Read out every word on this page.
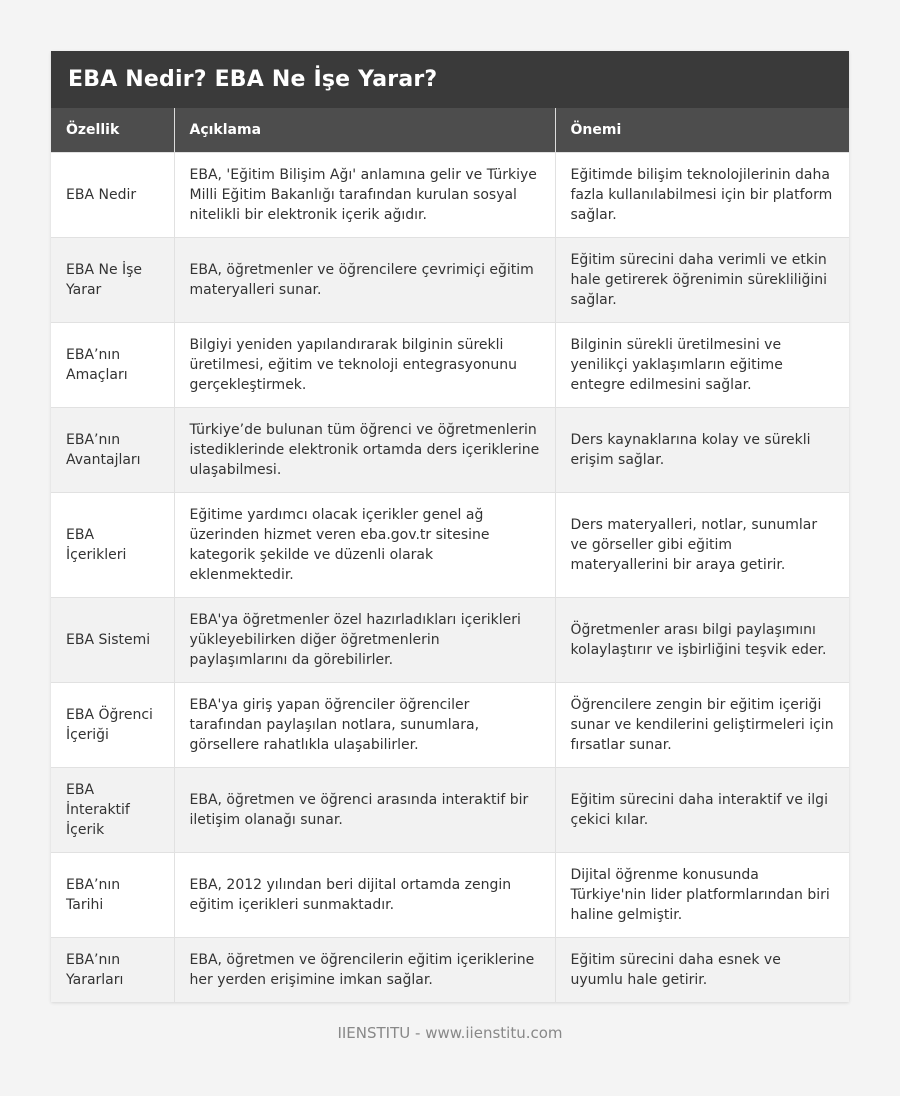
EBA Nedir? EBA Ne İşe Yarar?
Özellik	Açıklama	Önemi
EBA Nedir	EBA, 'Eğitim Bilişim Ağı' anlamına gelir ve Türkiye Milli Eğitim Bakanlığı tarafından kurulan sosyal nitelikli bir elektronik içerik ağıdır.	Eğitimde bilişim teknolojilerinin daha fazla kullanılabilmesi için bir platform sağlar.
EBA Ne İşe Yarar	EBA, öğretmenler ve öğrencilere çevrimiçi eğitim materyalleri sunar.	Eğitim sürecini daha verimli ve etkin hale getirerek öğrenimin sürekliliğini sağlar.
EBA’nın Amaçları	Bilgiyi yeniden yapılandırarak bilginin sürekli üretilmesi, eğitim ve teknoloji entegrasyonunu gerçekleştirmek.	Bilginin sürekli üretilmesini ve yenilikçi yaklaşımların eğitime entegre edilmesini sağlar.
EBA’nın Avantajları	Türkiye’de bulunan tüm öğrenci ve öğretmenlerin istediklerinde elektronik ortamda ders içeriklerine ulaşabilmesi.	Ders kaynaklarına kolay ve sürekli erişim sağlar.
EBA İçerikleri	Eğitime yardımcı olacak içerikler genel ağ üzerinden hizmet veren eba.gov.tr sitesine kategorik şekilde ve düzenli olarak eklenmektedir.	Ders materyalleri, notlar, sunumlar ve görseller gibi eğitim materyallerini bir araya getirir.
EBA Sistemi	EBA'ya öğretmenler özel hazırladıkları içerikleri yükleyebilirken diğer öğretmenlerin paylaşımlarını da görebilirler.	Öğretmenler arası bilgi paylaşımını kolaylaştırır ve işbirliğini teşvik eder.
EBA Öğrenci İçeriği	EBA'ya giriş yapan öğrenciler öğrenciler tarafından paylaşılan notlara, sunumlara, görsellere rahatlıkla ulaşabilirler.	Öğrencilere zengin bir eğitim içeriği sunar ve kendilerini geliştirmeleri için fırsatlar sunar.
EBA İnteraktif İçerik	EBA, öğretmen ve öğrenci arasında interaktif bir iletişim olanağı sunar.	Eğitim sürecini daha interaktif ve ilgi çekici kılar.
EBA’nın Tarihi	EBA, 2012 yılından beri dijital ortamda zengin eğitim içerikleri sunmaktadır.	Dijital öğrenme konusunda Türkiye'nin lider platformlarından biri haline gelmiştir.
EBA’nın Yararları	EBA, öğretmen ve öğrencilerin eğitim içeriklerine her yerden erişimine imkan sağlar.	Eğitim sürecini daha esnek ve uyumlu hale getirir.
IIENSTITU - www.iienstitu.com
